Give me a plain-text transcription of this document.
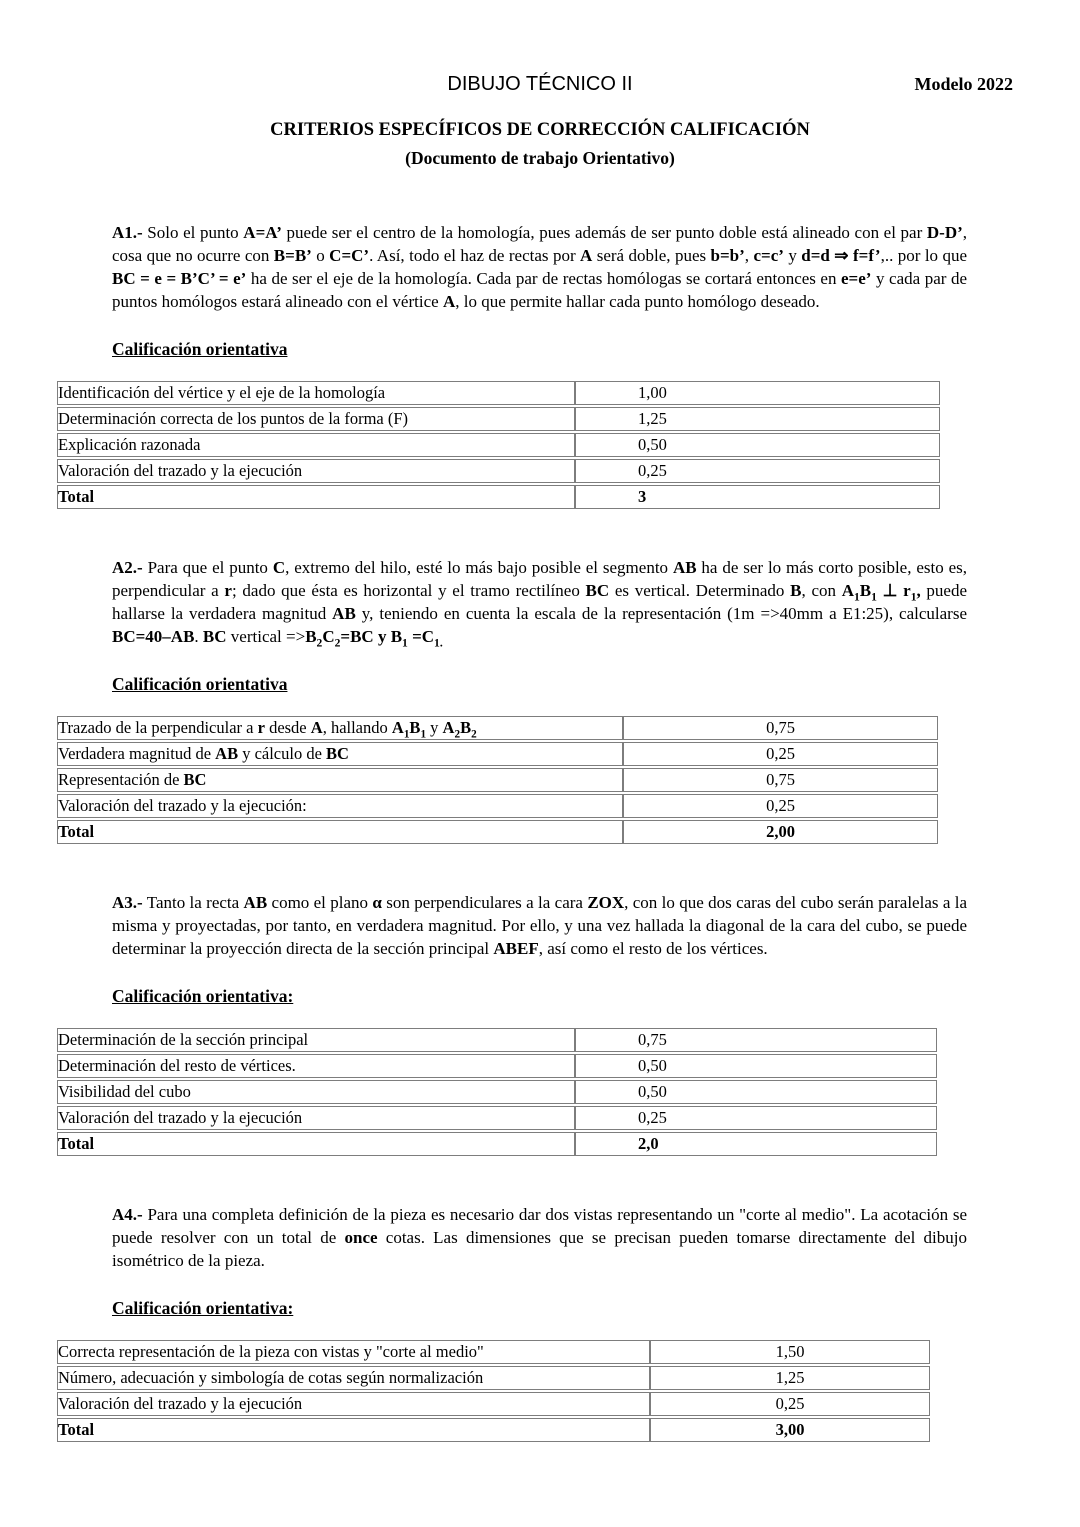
DIBUJO TÉCNICO II	Modelo 2022
CRITERIOS ESPECÍFICOS DE CORRECCIÓN CALIFICACIÓN
(Documento de trabajo Orientativo)

A1.- Solo el punto A=A’ puede ser el centro de la homología, pues además de ser punto doble está alineado con el par D-D’, cosa que no ocurre con B=B’ o C=C’. Así, todo el haz de rectas por A será doble, pues b=b’, c=c’ y d=d ⇒ f=f’,.. por lo que BC = e = B’C’ = e’ ha de ser el eje de la homología. Cada par de rectas homólogas se cortará entonces en e=e’ y cada par de puntos homólogos estará alineado con el vértice A, lo que permite hallar cada punto homólogo deseado.

Calificación orientativa
Identificación del vértice y el eje de la homología	1,00
Determinación correcta de los puntos de la forma (F)	1,25
Explicación razonada	0,50
Valoración del trazado y la ejecución	0,25
Total	3

A2.- Para que el punto C, extremo del hilo, esté lo más bajo posible el segmento AB ha de ser lo más corto posible, esto es, perpendicular a r; dado que ésta es horizontal y el tramo rectilíneo BC es vertical. Determinado B, con $A_1B_1$ ⊥ $r_1$, puede hallarse la verdadera magnitud AB y, teniendo en cuenta la escala de la representación (1m =>40mm a E1:25), calcularse BC=40–AB. BC vertical $=>B_2C_2=BC$ y $B_1 =C_{1.}$

Calificación orientativa
Trazado de la perpendicular a r desde A, hallando $A_1B_1$ y $A_2B_2$	0,75
Verdadera magnitud de AB y cálculo de BC	0,25
Representación de BC	0,75
Valoración del trazado y la ejecución:	0,25
Total	2,00

A3.- Tanto la recta AB como el plano α son perpendiculares a la cara ZOX, con lo que dos caras del cubo serán paralelas a la misma y proyectadas, por tanto, en verdadera magnitud. Por ello, y una vez hallada la diagonal de la cara del cubo, se puede determinar la proyección directa de la sección principal ABEF, así como el resto de los vértices.

Calificación orientativa:
Determinación de la sección principal	0,75
Determinación del resto de vértices.	0,50
Visibilidad del cubo	0,50
Valoración del trazado y la ejecución	0,25
Total	2,0

A4.- Para una completa definición de la pieza es necesario dar dos vistas representando un "corte al medio". La acotación se puede resolver con un total de once cotas. Las dimensiones que se precisan pueden tomarse directamente del dibujo isométrico de la pieza.

Calificación orientativa:
Correcta representación de la pieza con vistas y "corte al medio"	1,50
Número, adecuación y simbología de cotas según normalización	1,25
Valoración del trazado y la ejecución	0,25
Total	3,00
